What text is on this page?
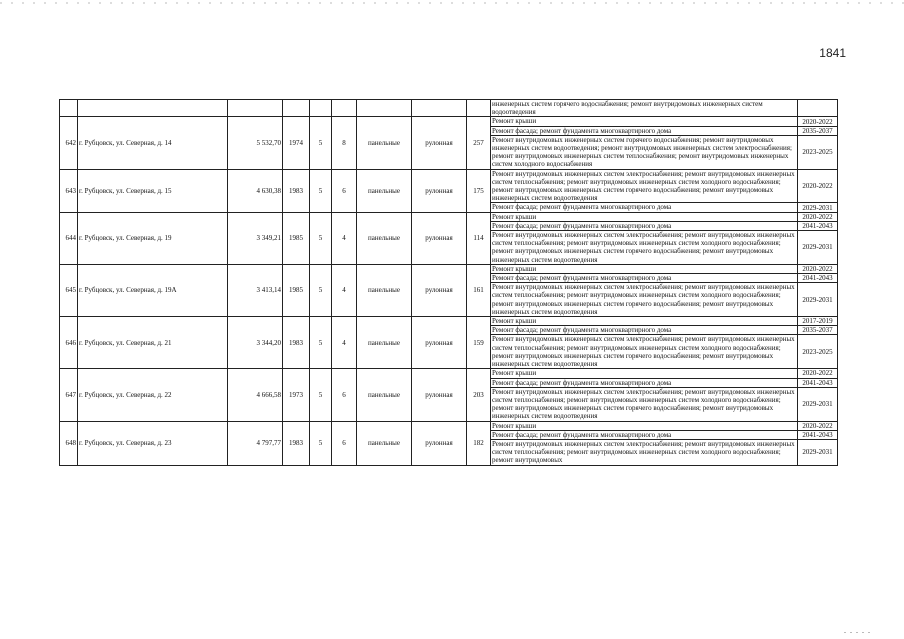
1841
									инженерных систем горячего водоснабжения; ремонт внутридомовых инженерных систем водоотведения	
642	г. Рубцовск, ул. Северная, д. 14	5 532,70	1974	5	8	панельные	рулонная	257	Ремонт крыши	2020-2022
									Ремонт фасада; ремонт фундамента многоквартирного дома	2035-2037
									Ремонт внутридомовых инженерных систем горячего водоснабжения; ремонт внутридомовых инженерных систем водоотведения; ремонт внутридомовых инженерных систем электроснабжения; ремонт внутридомовых инженерных систем теплоснабжения; ремонт внутридомовых инженерных систем холодного водоснабжения	2023-2025
643	г. Рубцовск, ул. Северная, д. 15	4 630,38	1983	5	6	панельные	рулонная	175	Ремонт внутридомовых инженерных систем электроснабжения; ремонт внутридомовых инженерных систем теплоснабжения; ремонт внутридомовых инженерных систем холодного водоснабжения; ремонт внутридомовых инженерных систем горячего водоснабжения; ремонт внутридомовых инженерных систем водоотведения	2020-2022
									Ремонт фасада; ремонт фундамента многоквартирного дома	2029-2031
644	г. Рубцовск, ул. Северная, д. 19	3 349,21	1985	5	4	панельные	рулонная	114	Ремонт крыши	2020-2022
									Ремонт фасада; ремонт фундамента многоквартирного дома	2041-2043
									Ремонт внутридомовых инженерных систем электроснабжения; ремонт внутридомовых инженерных систем теплоснабжения; ремонт внутридомовых инженерных систем холодного водоснабжения; ремонт внутридомовых инженерных систем горячего водоснабжения; ремонт внутридомовых инженерных систем водоотведения	2029-2031
645	г. Рубцовск, ул. Северная, д. 19А	3 413,14	1985	5	4	панельные	рулонная	161	Ремонт крыши	2020-2022
									Ремонт фасада; ремонт фундамента многоквартирного дома	2041-2043
									Ремонт внутридомовых инженерных систем электроснабжения; ремонт внутридомовых инженерных систем теплоснабжения; ремонт внутридомовых инженерных систем холодного водоснабжения; ремонт внутридомовых инженерных систем горячего водоснабжения; ремонт внутридомовых инженерных систем водоотведения	2029-2031
646	г. Рубцовск, ул. Северная, д. 21	3 344,20	1983	5	4	панельные	рулонная	159	Ремонт крыши	2017-2019
									Ремонт фасада; ремонт фундамента многоквартирного дома	2035-2037
									Ремонт внутридомовых инженерных систем электроснабжения; ремонт внутридомовых инженерных систем теплоснабжения; ремонт внутридомовых инженерных систем холодного водоснабжения; ремонт внутридомовых инженерных систем горячего водоснабжения; ремонт внутридомовых инженерных систем водоотведения	2023-2025
647	г. Рубцовск, ул. Северная, д. 22	4 666,58	1973	5	6	панельные	рулонная	203	Ремонт крыши	2020-2022
									Ремонт фасада; ремонт фундамента многоквартирного дома	2041-2043
									Ремонт внутридомовых инженерных систем электроснабжения; ремонт внутридомовых инженерных систем теплоснабжения; ремонт внутридомовых инженерных систем холодного водоснабжения; ремонт внутридомовых инженерных систем горячего водоснабжения; ремонт внутридомовых инженерных систем водоотведения	2029-2031
648	г. Рубцовск, ул. Северная, д. 23	4 797,77	1983	5	6	панельные	рулонная	182	Ремонт крыши	2020-2022
									Ремонт фасада; ремонт фундамента многоквартирного дома	2041-2043
									Ремонт внутридомовых инженерных систем электроснабжения; ремонт внутридомовых инженерных систем теплоснабжения; ремонт внутридомовых инженерных систем холодного водоснабжения; ремонт внутридомовых	2029-2031
